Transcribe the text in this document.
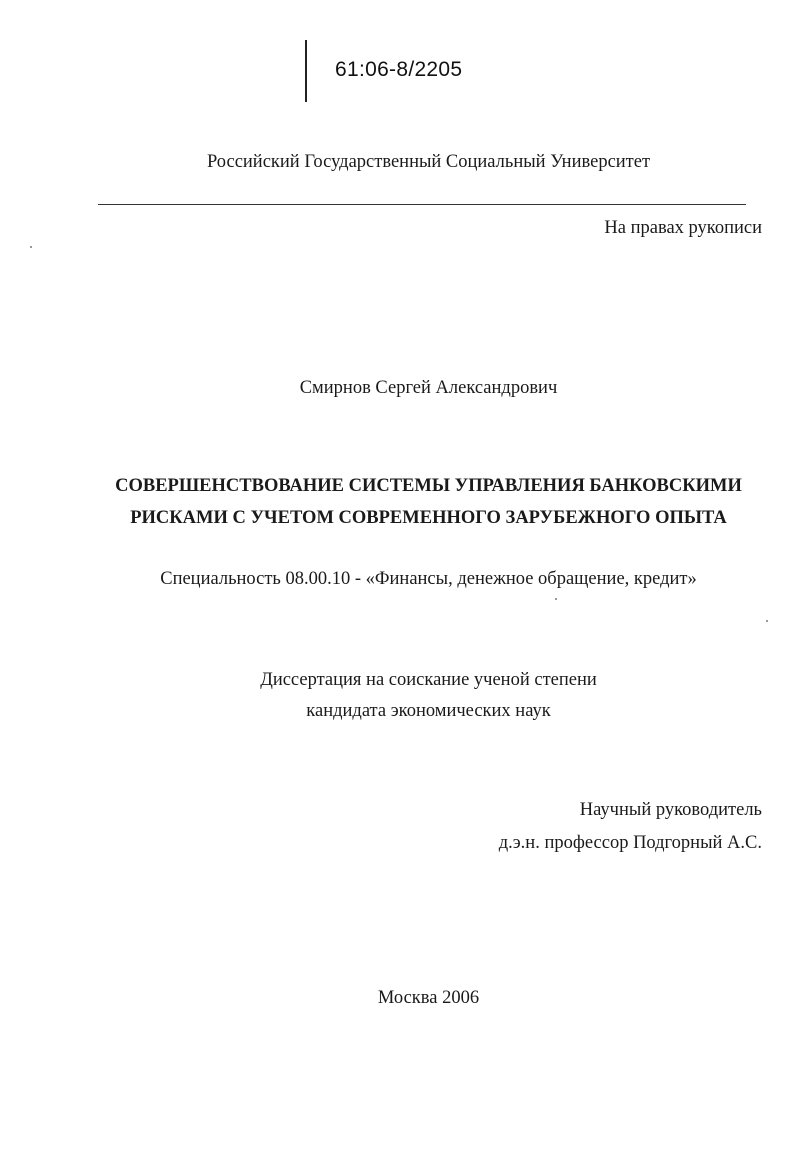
61:06-8/2205
Российский Государственный Социальный Университет
На правах рукописи
Смирнов Сергей Александрович
СОВЕРШЕНСТВОВАНИЕ СИСТЕМЫ УПРАВЛЕНИЯ БАНКОВСКИМИ
РИСКАМИ С УЧЕТОМ СОВРЕМЕННОГО ЗАРУБЕЖНОГО ОПЫТА
Специальность 08.00.10 - «Финансы, денежное обращение, кредит»
Диссертация на соискание ученой степени
кандидата экономических наук
Научный руководитель
д.э.н. профессор Подгорный А.С.
Москва 2006
